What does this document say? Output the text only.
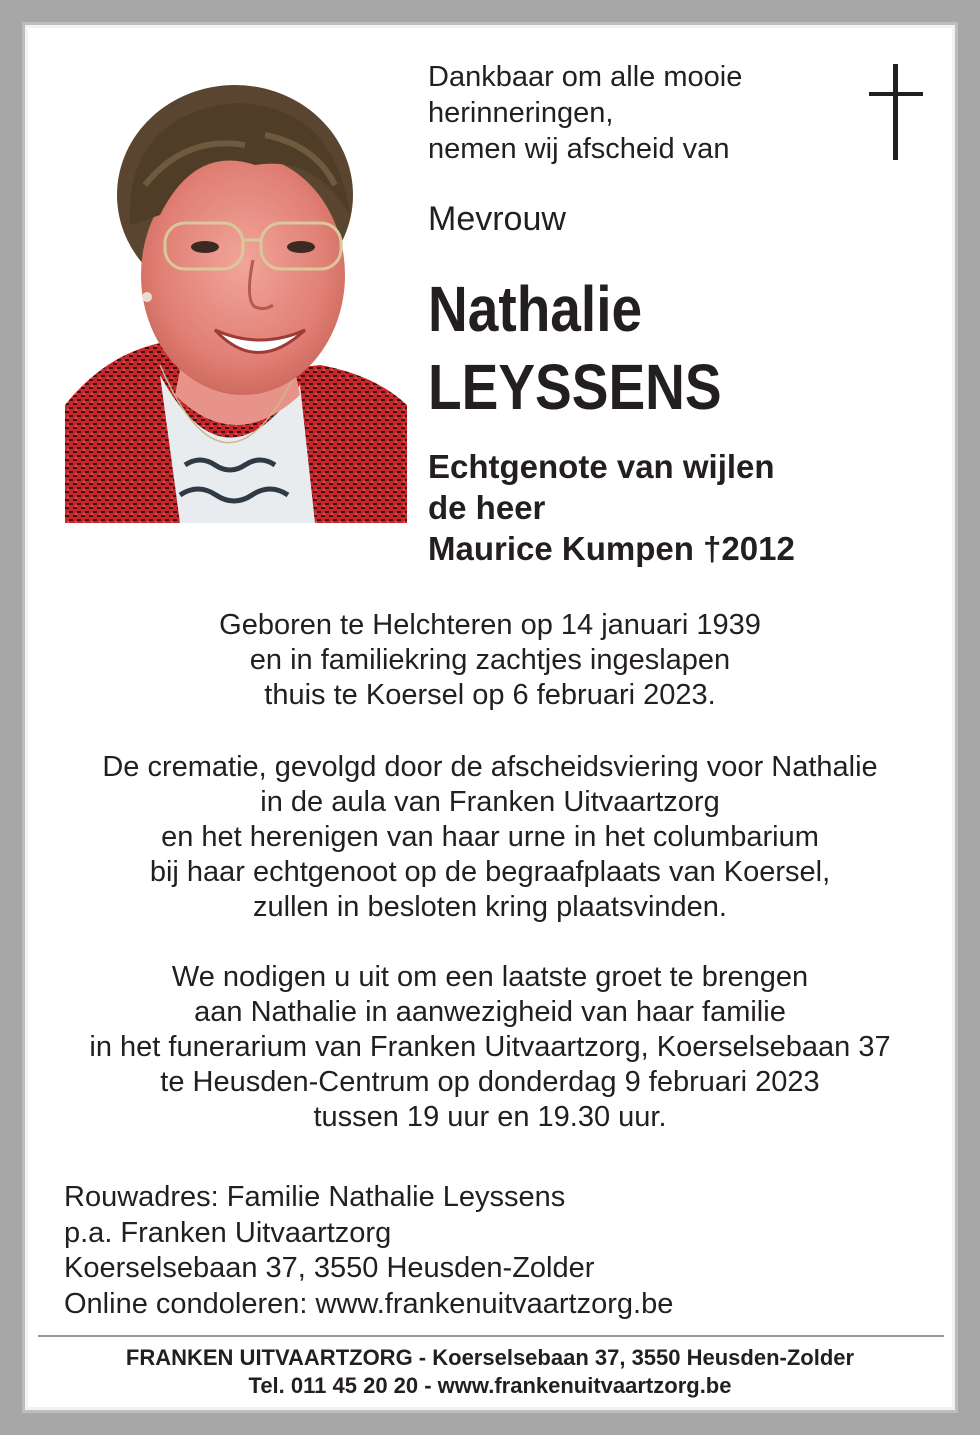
Dankbaar om alle mooie
herinneringen,
nemen wij afscheid van
Mevrouw
Nathalie
LEYSSENS
Echtgenote van wijlen
de heer
Maurice Kumpen †2012
Geboren te Helchteren op 14 januari 1939
en in familiekring zachtjes ingeslapen
thuis te Koersel op 6 februari 2023.
De crematie, gevolgd door de afscheidsviering voor Nathalie
in de aula van Franken Uitvaartzorg
en het herenigen van haar urne in het columbarium
bij haar echtgenoot op de begraafplaats van Koersel,
zullen in besloten kring plaatsvinden.
We nodigen u uit om een laatste groet te brengen
aan Nathalie in aanwezigheid van haar familie
in het funerarium van Franken Uitvaartzorg, Koerselsebaan 37
te Heusden-Centrum op donderdag 9 februari 2023
tussen 19 uur en 19.30 uur.
Rouwadres: Familie Nathalie Leyssens
p.a. Franken Uitvaartzorg
Koerselsebaan 37, 3550 Heusden-Zolder
Online condoleren: www.frankenuitvaartzorg.be
FRANKEN UITVAARTZORG - Koerselsebaan 37, 3550 Heusden-Zolder
Tel. 011 45 20 20 - www.frankenuitvaartzorg.be
